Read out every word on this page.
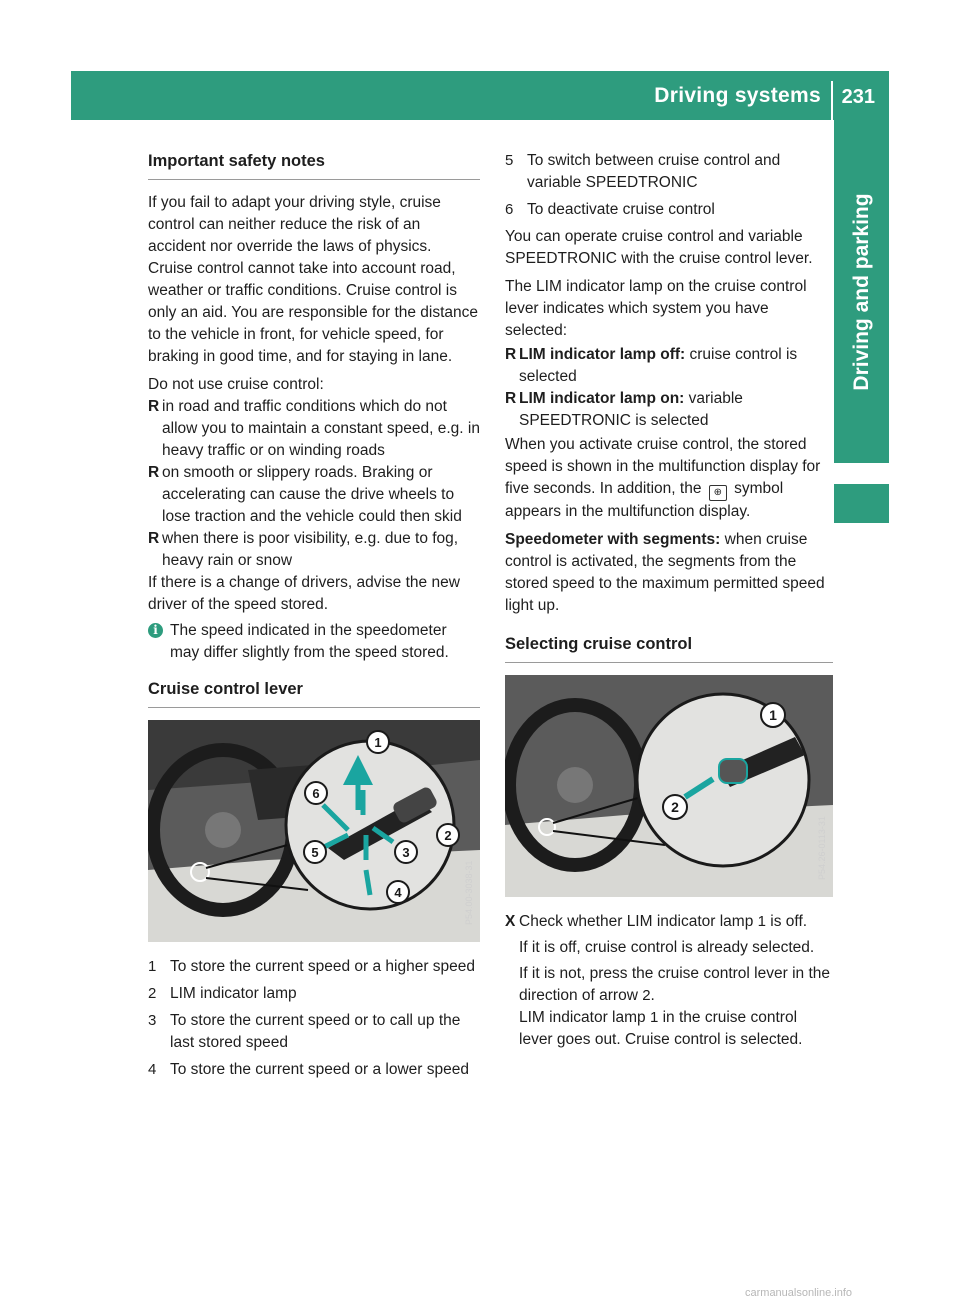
Driving systems 231
Driving and parking
Important safety notes

If you fail to adapt your driving style, cruise control can neither reduce the risk of an accident nor override the laws of physics. Cruise control cannot take into account road, weather or traffic conditions. Cruise control is only an aid. You are responsible for the distance to the vehicle in front, for vehicle speed, for braking in good time, and for staying in lane.

Do not use cruise control:

R in road and traffic conditions which do not allow you to maintain a constant speed, e.g. in heavy traffic or on winding roads
R on smooth or slippery roads. Braking or accelerating can cause the drive wheels to lose traction and the vehicle could then skid
R when there is poor visibility, e.g. due to fog, heavy rain or snow

If there is a change of drivers, advise the new driver of the speed stored.

i The speed indicated in the speedometer may differ slightly from the speed stored.
Cruise control lever
1
2
3
4
5
6
P54.00-3038-31
1 To store the current speed or a higher speed
2 LIM indicator lamp
3 To store the current speed or to call up the last stored speed
4 To store the current speed or a lower speed
5 To switch between cruise control and variable SPEEDTRONIC
6 To deactivate cruise control

You can operate cruise control and variable SPEEDTRONIC with the cruise control lever.

The LIM indicator lamp on the cruise control lever indicates which system you have selected:

R LIM indicator lamp off: cruise control is selected
R LIM indicator lamp on: variable SPEEDTRONIC is selected

When you activate cruise control, the stored speed is shown in the multifunction display for five seconds. In addition, the ⊕ symbol appears in the multifunction display.

Speedometer with segments: when cruise control is activated, the segments from the stored speed to the maximum permitted speed light up.

Selecting cruise control
1
2
P54.26-0113-31
X Check whether LIM indicator lamp 1 is off.
If it is off, cruise control is already selected.
If it is not, press the cruise control lever in the direction of arrow 2.
LIM indicator lamp 1 in the cruise control lever goes out. Cruise control is selected.
carmanualsonline.info
